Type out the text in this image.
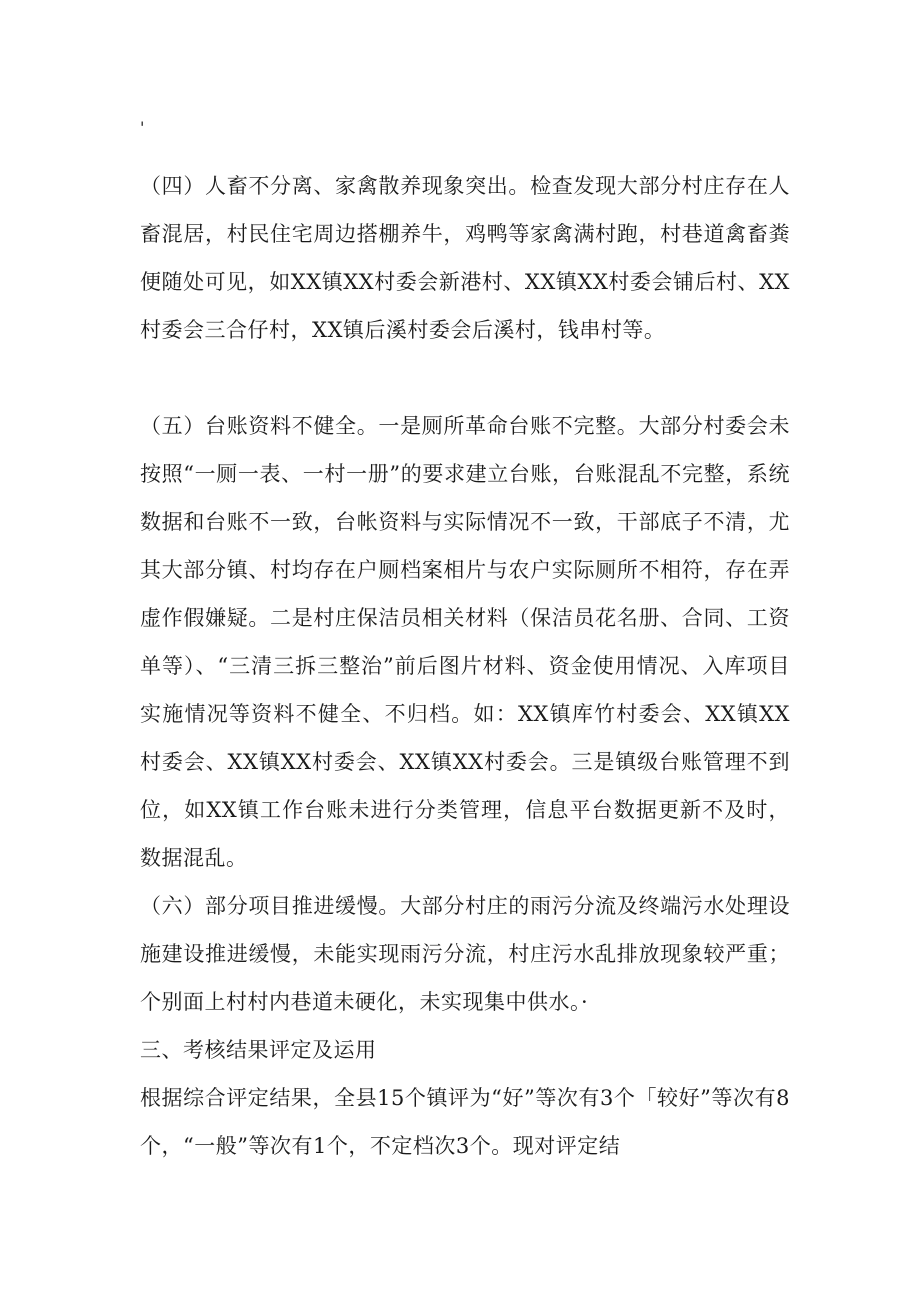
'

（四）人畜不分离、家禽散养现象突出。检查发现大部分村庄存在人畜混居，村民住宅周边搭棚养牛，鸡鸭等家禽满村跑，村巷道禽畜粪便随处可见，如XX镇XX村委会新港村、XX镇XX村委会铺后村、XX村委会三合仔村，XX镇后溪村委会后溪村，钱串村等。

（五）台账资料不健全。一是厕所革命台账不完整。大部分村委会未按照“一厕一表、一村一册”的要求建立台账，台账混乱不完整，系统数据和台账不一致，台帐资料与实际情况不一致，干部底子不清，尤其大部分镇、村均存在户厕档案相片与农户实际厕所不相符，存在弄虚作假嫌疑。二是村庄保洁员相关材料（保洁员花名册、合同、工资单等）、“三清三拆三整治”前后图片材料、资金使用情况、入库项目实施情况等资料不健全、不归档。如：XX镇库竹村委会、XX镇XX村委会、XX镇XX村委会、XX镇XX村委会。三是镇级台账管理不到位，如XX镇工作台账未进行分类管理，信息平台数据更新不及时，数据混乱。

（六）部分项目推进缓慢。大部分村庄的雨污分流及终端污水处理设施建设推进缓慢，未能实现雨污分流，村庄污水乱排放现象较严重；个别面上村村内巷道未硬化，未实现集中供水。·

三、考核结果评定及运用

根据综合评定结果，全县15个镇评为“好”等次有3个「较好”等次有8个，“一般”等次有1个，不定档次3个。现对评定结
